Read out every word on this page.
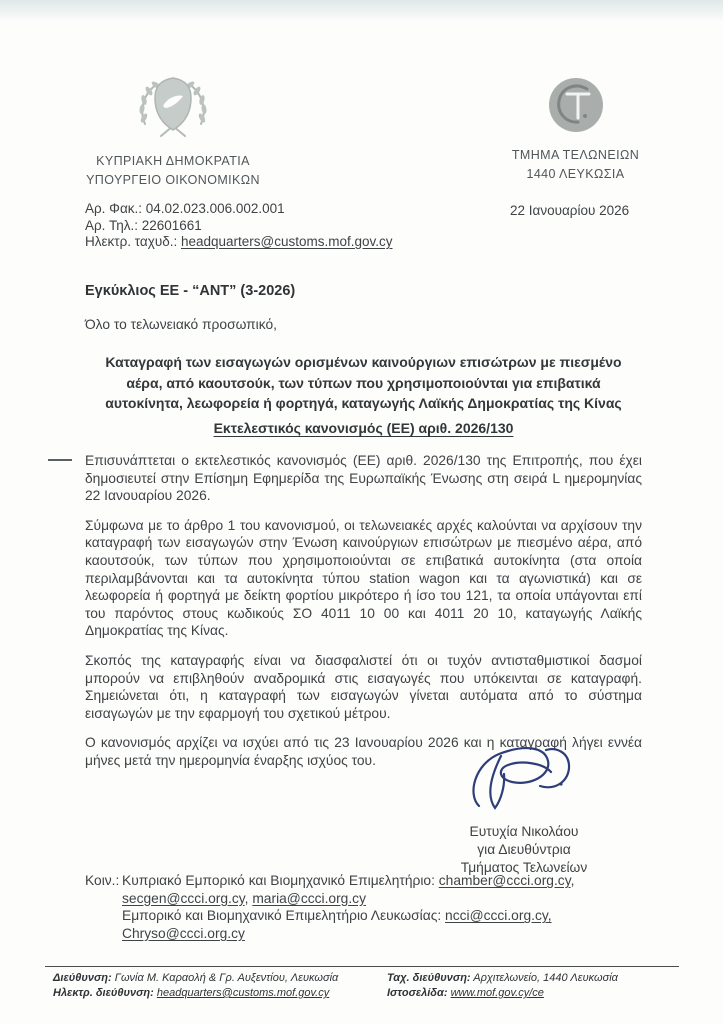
ΚΥΠΡΙΑΚΗ ΔΗΜΟΚΡΑΤΙΑ
ΥΠΟΥΡΓΕΙΟ ΟΙΚΟΝΟΜΙΚΩΝ
ΤΜΗΜΑ ΤΕΛΩΝΕΙΩΝ
1440 ΛΕΥΚΩΣΙΑ
Αρ. Φακ.: 04.02.023.006.002.001
Αρ. Τηλ.: 22601661
Ηλεκτρ. ταχυδ.: headquarters@customs.mof.gov.cy
22 Ιανουαρίου 2026
Εγκύκλιος ΕΕ - “ΑΝΤ” (3-2026)
Όλο το τελωνειακό προσωπικό,
Καταγραφή των εισαγωγών ορισμένων καινούργιων επισώτρων με πιεσμένο αέρα, από καουτσούκ, των τύπων που χρησιμοποιούνται για επιβατικά αυτοκίνητα, λεωφορεία ή φορτηγά, καταγωγής Λαϊκής Δημοκρατίας της Κίνας
Εκτελεστικός κανονισμός (ΕΕ) αριθ. 2026/130

Επισυνάπτεται ο εκτελεστικός κανονισμός (ΕΕ) αριθ. 2026/130 της Επιτροπής, που έχει δημοσιευτεί στην Επίσημη Εφημερίδα της Ευρωπαϊκής Ένωσης στη σειρά L ημερομηνίας 22 Ιανουαρίου 2026.

Σύμφωνα με το άρθρο 1 του κανονισμού, οι τελωνειακές αρχές καλούνται να αρχίσουν την καταγραφή των εισαγωγών στην Ένωση καινούργιων επισώτρων με πιεσμένο αέρα, από καουτσούκ, των τύπων που χρησιμοποιούνται σε επιβατικά αυτοκίνητα (στα οποία περιλαμβάνονται και τα αυτοκίνητα τύπου station wagon και τα αγωνιστικά) και σε λεωφορεία ή φορτηγά με δείκτη φορτίου μικρότερο ή ίσο του 121, τα οποία υπάγονται επί του παρόντος στους κωδικούς ΣΟ 4011 10 00 και 4011 20 10, καταγωγής Λαϊκής Δημοκρατίας της Κίνας.

Σκοπός της καταγραφής είναι να διασφαλιστεί ότι οι τυχόν αντισταθμιστικοί δασμοί μπορούν να επιβληθούν αναδρομικά στις εισαγωγές που υπόκεινται σε καταγραφή. Σημειώνεται ότι, η καταγραφή των εισαγωγών γίνεται αυτόματα από το σύστημα εισαγωγών με την εφαρμογή του σχετικού μέτρου.

Ο κανονισμός αρχίζει να ισχύει από τις 23 Ιανουαρίου 2026 και η καταγραφή λήγει εννέα μήνες μετά την ημερομηνία έναρξης ισχύος του.

Ευτυχία Νικολάου
για Διευθύντρια
Τμήματος Τελωνείων
Κοιν.: Κυπριακό Εμπορικό και Βιομηχανικό Επιμελητήριο: chamber@ccci.org.cy, secgen@ccci.org.cy, maria@ccci.org.cy
Εμπορικό και Βιομηχανικό Επιμελητήριο Λευκωσίας: ncci@ccci.org.cy, Chryso@ccci.org.cy
Διεύθυνση: Γωνία Μ. Καραολή & Γρ. Αυξεντίου, Λευκωσία
Ηλεκτρ. διεύθυνση: headquarters@customs.mof.gov.cy
Ταχ. διεύθυνση: Αρχιτελωνείο, 1440 Λευκωσία
Ιστοσελίδα: www.mof.gov.cy/ce
